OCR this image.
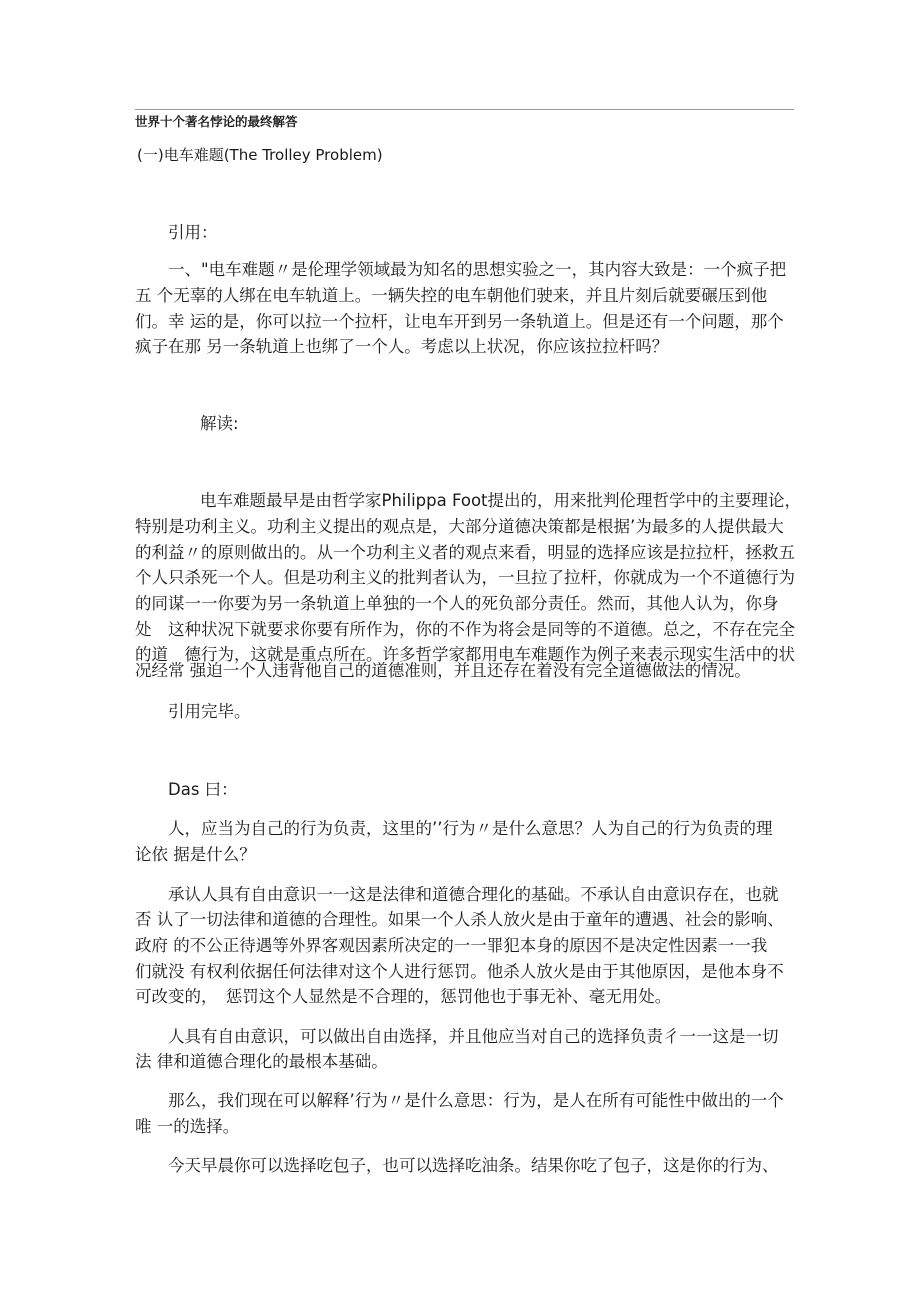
世界十个著名悖论的最终解答
(一)电车难题(The Trolley Problem)
引用：
一、"电车难题〃是伦理学领域最为知名的思想实验之一，其内容大致是：一个疯子把
五 个无辜的人绑在电车轨道上。一辆失控的电车朝他们驶来，并且片刻后就要碾压到他
们。幸 运的是，你可以拉一个拉杆，让电车开到另一条轨道上。但是还有一个问题，那个
疯子在那 另一条轨道上也绑了一个人。考虑以上状况，你应该拉拉杆吗？
解读:
电车难题最早是由哲学家Philippa Foot提出的，用来批判伦理哲学中的主要理论，
特别是功利主义。功利主义提出的观点是，大部分道德决策都是根据’为最多的人提供最大
的利益〃的原则做出的。从一个功利主义者的观点来看，明显的选择应该是拉拉杆，拯救五
个人只杀死一个人。但是功利主义的批判者认为，一旦拉了拉杆，你就成为一个不道德行为
的同谋一一你要为另一条轨道上单独的一个人的死负部分责任。然而，其他人认为，你身
处　这种状况下就要求你要有所作为，你的不作为将会是同等的不道德。总之，不存在完全
的道　德行为，这就是重点所在。许多哲学家都用电车难题作为例子来表示现实生活中的状
况经常 强迫一个人违背他自己的道德准则，并且还存在着没有完全道德做法的情况。
引用完毕。
Das 曰：
人，应当为自己的行为负责，这里的’’行为〃是什么意思？人为自己的行为负责的理
论依 据是什么？
承认人具有自由意识一一这是法律和道德合理化的基础。不承认自由意识存在，也就
否 认了一切法律和道德的合理性。如果一个人杀人放火是由于童年的遭遇、社会的影响、
政府 的不公正待遇等外界客观因素所决定的一一罪犯本身的原因不是决定性因素一一我
们就没 有权利依据任何法律对这个人进行惩罚。他杀人放火是由于其他原因，是他本身不
可改变的，　惩罚这个人显然是不合理的，惩罚他也于事无补、毫无用处。
人具有自由意识，可以做出自由选择，并且他应当对自己的选择负责彳一一这是一切
法 律和道德合理化的最根本基础。
那么，我们现在可以解释’行为〃是什么意思：行为，是人在所有可能性中做出的一个
唯 一的选择。
今天早晨你可以选择吃包子，也可以选择吃油条。结果你吃了包子，这是你的行为、
